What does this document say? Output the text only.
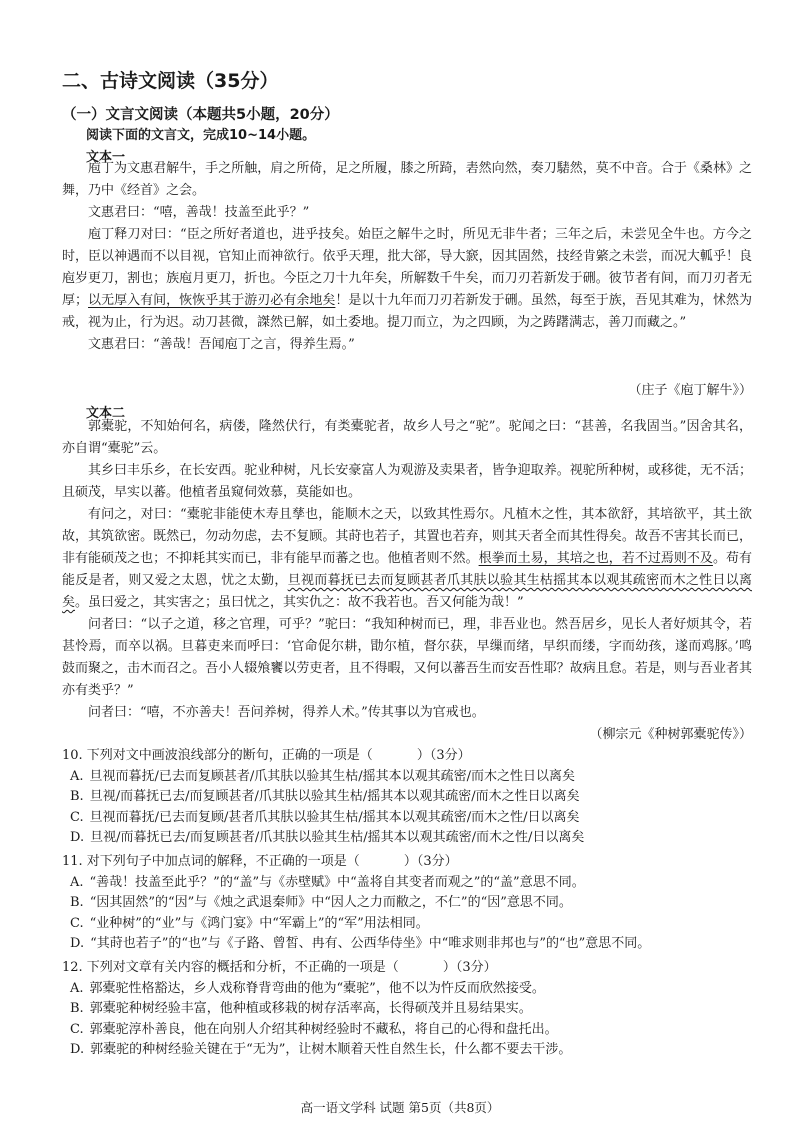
二、古诗文阅读（35分）
（一）文言文阅读（本题共5小题，20分）
阅读下面的文言文，完成10~14小题。
文本一

庖丁为文惠君解牛，手之所触，肩之所倚，足之所履，膝之所踦，砉然向然，奏刀騞然，莫不中音。合于《桑林》之舞，乃中《经首》之会。

文惠君曰：“嘻，善哉！技盖至此乎？”

庖丁释刀对曰：“臣之所好者道也，进乎技矣。始臣之解牛之时，所见无非牛者；三年之后，未尝见全牛也。方今之时，臣以神遇而不以目视，官知止而神欲行。依乎天理，批大郤，导大窾，因其固然，技经肯綮之未尝，而况大軱乎！良庖岁更刀，割也；族庖月更刀，折也。今臣之刀十九年矣，所解数千牛矣，而刀刃若新发于硎。彼节者有间，而刀刃者无厚；以无厚入有间，恢恢乎其于游刃必有余地矣！是以十九年而刀刃若新发于硎。虽然，每至于族，吾见其难为，怵然为戒，视为止，行为迟。动刀甚微，謋然已解，如土委地。提刀而立，为之四顾，为之踌躇满志，善刀而藏之。”

文惠君曰：“善哉！吾闻庖丁之言，得养生焉。”

（庄子《庖丁解牛》）
文本二

郭橐驼，不知始何名，病偻，隆然伏行，有类橐驼者，故乡人号之“驼”。驼闻之曰：“甚善，名我固当。”因舍其名，亦自谓“橐驼”云。

其乡曰丰乐乡，在长安西。驼业种树，凡长安豪富人为观游及卖果者，皆争迎取养。视驼所种树，或移徙，无不活；且硕茂，早实以蕃。他植者虽窥伺效慕，莫能如也。

有问之，对曰：“橐驼非能使木寿且孳也，能顺木之天，以致其性焉尔。凡植木之性，其本欲舒，其培欲平，其土欲故，其筑欲密。既然已，勿动勿虑，去不复顾。其莳也若子，其置也若弃，则其天者全而其性得矣。故吾不害其长而已，非有能硕茂之也；不抑耗其实而已，非有能早而蕃之也。他植者则不然。根拳而土易，其培之也，若不过焉则不及。苟有能反是者，则又爱之太恩，忧之太勤，旦视而暮抚已去而复顾甚者爪其肤以验其生枯摇其本以观其疏密而木之性日以离矣。虽曰爱之，其实害之；虽曰忧之，其实仇之：故不我若也。吾又何能为哉！”

问者曰：“以子之道，移之官理，可乎？”驼曰：“我知种树而已，理，非吾业也。然吾居乡，见长人者好烦其令，若甚怜焉，而卒以祸。旦暮吏来而呼曰：‘官命促尔耕，勖尔植，督尔获，早缫而绪，早织而缕，字而幼孩，遂而鸡豚。’鸣鼓而聚之，击木而召之。吾小人辍飧饔以劳吏者，且不得暇，又何以蕃吾生而安吾性耶？故病且怠。若是，则与吾业者其亦有类乎？”

问者曰：“嘻，不亦善夫！吾问养树，得养人术。”传其事以为官戒也。

（柳宗元《种树郭橐驼传》）

10. 下列对文中画波浪线部分的断句，正确的一项是（	）（3分）

A. 旦视而暮抚/已去而复顾甚者/爪其肤以验其生枯/摇其本以观其疏密/而木之性日以离矣

B. 旦视/而暮抚已去/而复顾甚者/爪其肤以验其生枯/摇其本以观其疏密/而木之性日以离矣

C. 旦视而暮抚/已去而复顾/甚者爪其肤以验其生枯/摇其本以观其疏密/而木之性/日以离矣

D. 旦视/而暮抚已去/而复顾甚者/爪其肤以验其生枯/摇其本以观其疏密/而木之性/日以离矣

11. 对下列句子中加点词的解释，不正确的一项是（	）（3分）

A. “善哉！技盖至此乎？”的“盖”与《赤壁赋》中“盖将自其变者而观之”的“盖”意思不同。

B. “因其固然”的“因”与《烛之武退秦师》中“因人之力而敝之，不仁”的“因”意思不同。

C. “业种树”的“业”与《鸿门宴》中“军霸上”的“军”用法相同。

D. “其莳也若子”的“也”与《子路、曾皙、冉有、公西华侍坐》中“唯求则非邦也与”的“也”意思不同。

12. 下列对文章有关内容的概括和分析，不正确的一项是（	）（3分）

A. 郭橐驼性格豁达，乡人戏称脊背弯曲的他为“橐驼”，他不以为忤反而欣然接受。

B. 郭橐驼种树经验丰富，他种植或移栽的树存活率高，长得硕茂并且易结果实。

C. 郭橐驼淳朴善良，他在向别人介绍其种树经验时不藏私，将自己的心得和盘托出。

D. 郭橐驼的种树经验关键在于“无为”，让树木顺着天性自然生长，什么都不要去干涉。

高一语文学科 试题 第5页（共8页）
